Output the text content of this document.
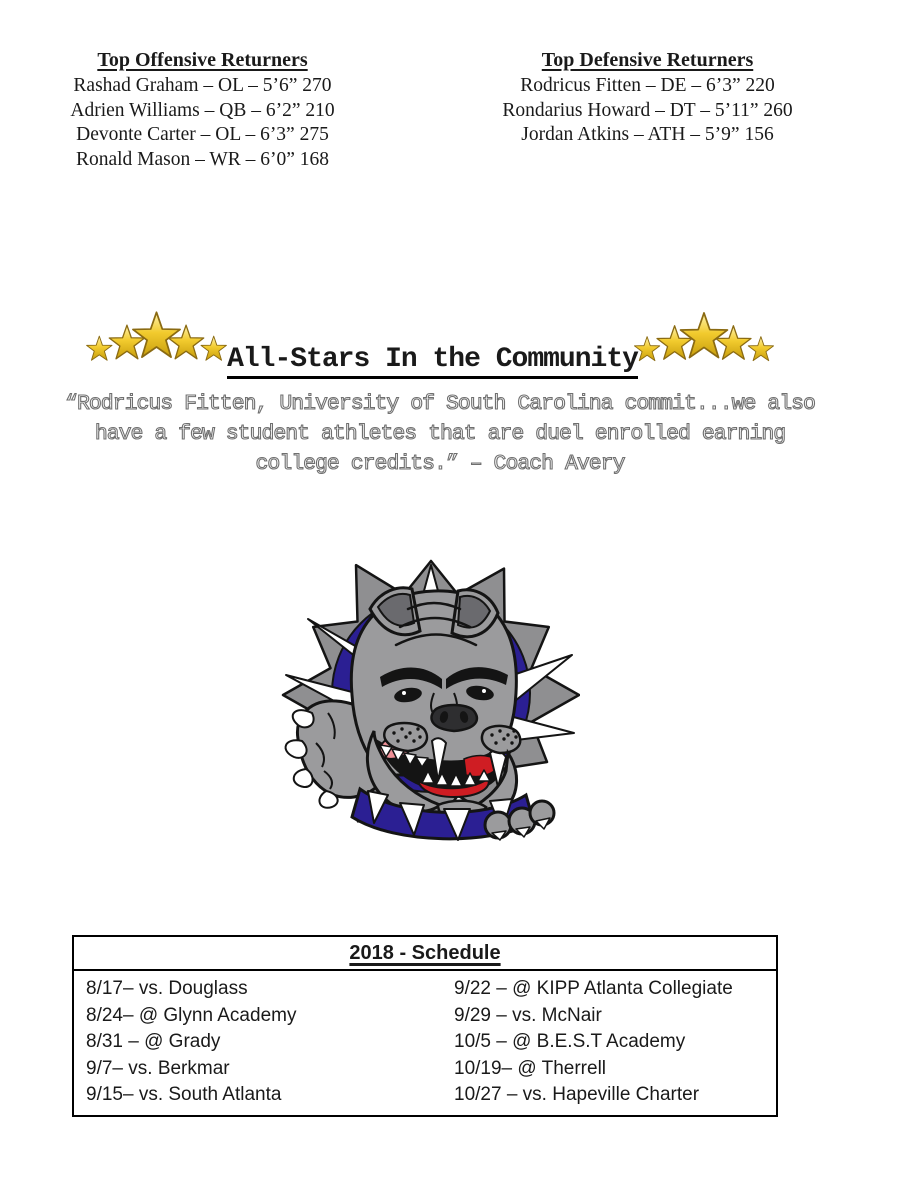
Top Offensive Returners
Rashad Graham – OL – 5’6” 270
Adrien Williams – QB – 6’2” 210
Devonte Carter – OL – 6’3” 275
Ronald Mason – WR – 6’0” 168
Top Defensive Returners
Rodricus Fitten – DE – 6’3” 220
Rondarius Howard – DT – 5’11” 260
Jordan Atkins – ATH – 5’9” 156
All-Stars In the Community
“Rodricus Fitten, University of South Carolina commit...we also
have a few student athletes that are duel enrolled earning
college credits.” – Coach Avery
2018 - Schedule
8/17– vs. Douglass	9/22 – @ KIPP Atlanta Collegiate
8/24– @ Glynn Academy	9/29 – vs. McNair
8/31 – @ Grady	10/5 – @ B.E.S.T Academy
9/7– vs. Berkmar	10/19– @ Therrell
9/15– vs. South Atlanta	10/27 – vs. Hapeville Charter
